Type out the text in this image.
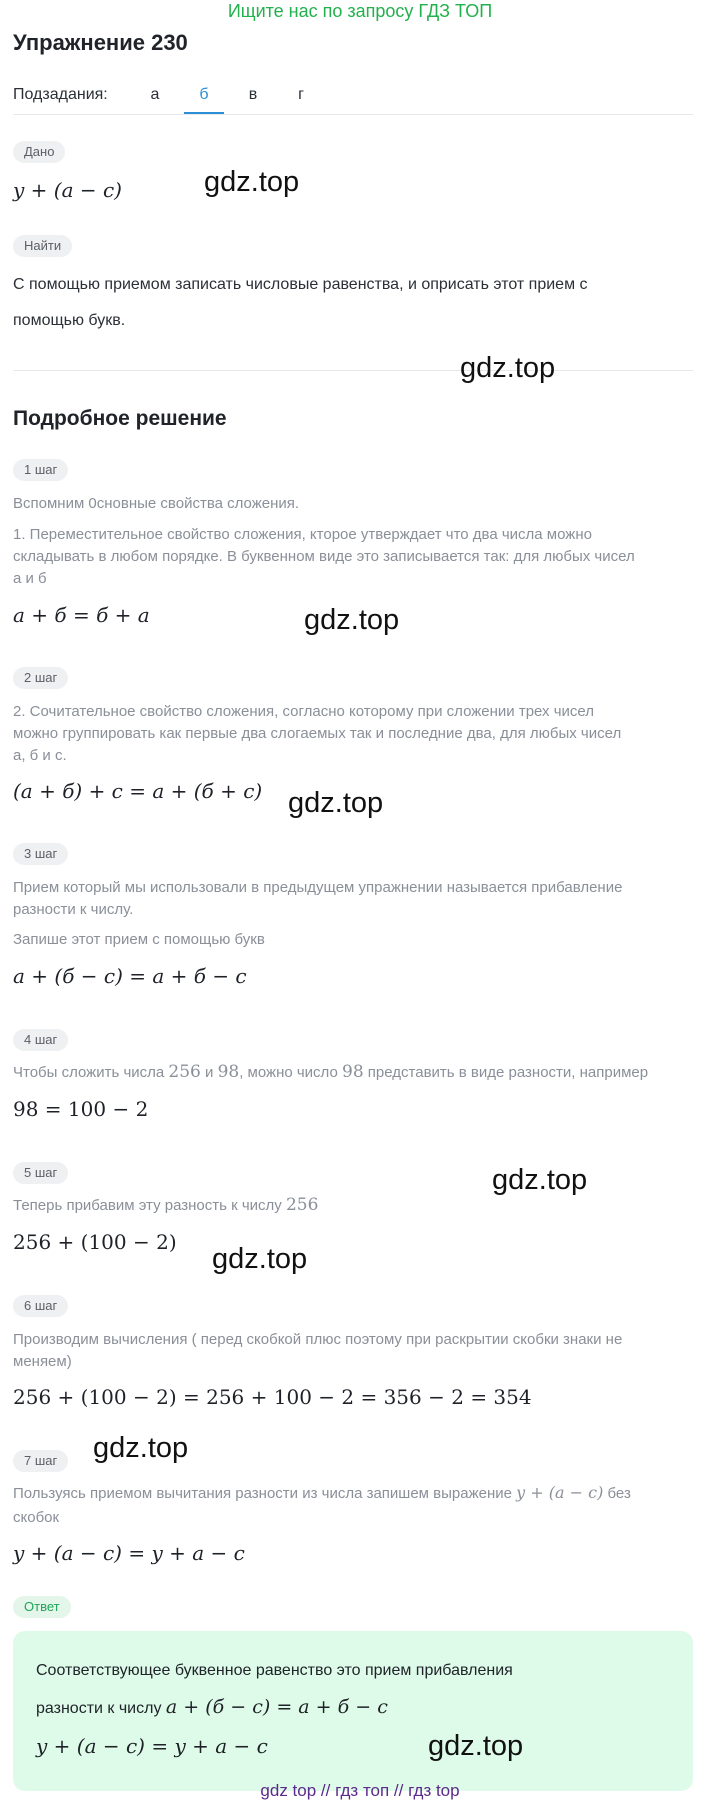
Ищите нас по запросу ГДЗ ТОП
Упражнение 230
Подзадания:	а	б	в	г
Дано
y + (a − c)
Найти
С помощью приемом записать числовые равенства, и оприсать этот прием с
помощью букв.
Подробное решение
1 шаг
Вспомним 0сновные свойства сложения.
1. Переместительное свойство сложения, кторое утверждает что два числа можно
складывать в любом порядке. В буквенном виде это записывается так: для любых чисел
а и б
a + б = б + a
2 шаг
2. Сочитательное свойство сложения, согласно которому при сложении трех чисел
можно группировать как первые два слогаемых так и последние два, для любых чисел
а, б и с.
(a + б) + c = a + (б + c)
3 шаг
Прием который мы использовали в предыдущем упражнении называется прибавление
разности к числу.
Запише этот прием с помощью букв
a + (б − c) = a + б − c
4 шаг
Чтобы сложить числа 256 и 98, можно число 98 представить в виде разности, например
98 = 100 − 2
5 шаг
Теперь прибавим эту разность к числу 256
256 + (100 − 2)
6 шаг
Производим вычисления ( перед скобкой плюс поэтому при раскрытии скобки знаки не
меняем)
256 + (100 − 2) = 256 + 100 − 2 = 356 − 2 = 354
7 шаг
Пользуясь приемом вычитания разности из числа запишем выражение y + (a − c) без
скобок
y + (a − c) = y + a − c
Ответ
Соответствующее буквенное равенство это прием прибавления
разности к числу a + (б − c) = a + б − c
y + (a − c) = y + a − c
gdz.top
gdz.top
gdz.top
gdz.top
gdz.top
gdz.top
gdz.top
gdz.top
gdz top // гдз топ // гдз top
